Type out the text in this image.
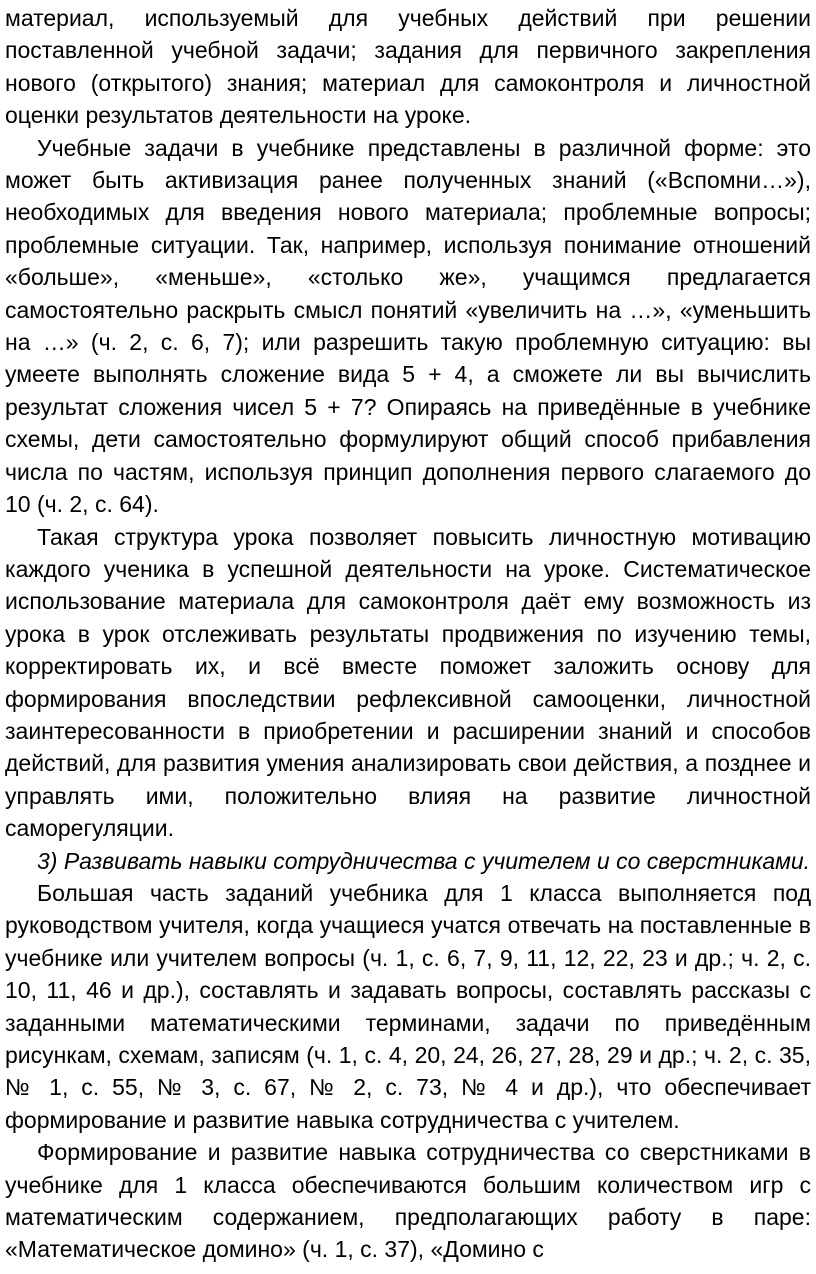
материал, используемый для учебных действий при решении поставленной учебной задачи; задания для первичного закрепления нового (открытого) знания; материал для самоконтроля и личностной оценки результатов деятельности на уроке.

Учебные задачи в учебнике представлены в различной форме: это может быть активизация ранее полученных знаний («Вспомни…»), необходимых для введения нового материала; проблемные вопросы; проблемные ситуации. Так, например, используя понимание отношений «больше», «меньше», «столько же», учащимся предлагается самостоятельно раскрыть смысл понятий «увеличить на …», «уменьшить на …» (ч. 2, с. 6, 7); или разрешить такую проблемную ситуацию: вы умеете выполнять сложение вида 5 + 4, а сможете ли вы вычислить результат сложения чисел 5 + 7? Опираясь на приведённые в учебнике схемы, дети самостоятельно формулируют общий способ прибавления числа по частям, используя принцип дополнения первого слагаемого до 10 (ч. 2, с. 64).

Такая структура урока позволяет повысить личностную мотивацию каждого ученика в успешной деятельности на уроке. Систематическое использование материала для самоконтроля даёт ему возможность из урока в урок отслеживать результаты продвижения по изучению темы, корректировать их, и всё вместе поможет заложить основу для формирования впоследствии рефлексивной самооценки, личностной заинтересованности в приобретении и расширении знаний и способов действий, для развития умения анализировать свои действия, а позднее и управлять ими, положительно влияя на развитие личностной саморегуляции.

3) Развивать навыки сотрудничества с учителем и со сверстниками.

Большая часть заданий учебника для 1 класса выполняется под руководством учителя, когда учащиеся учатся отвечать на поставленные в учебнике или учителем вопросы (ч. 1, с. 6, 7, 9, 11, 12, 22, 23 и др.; ч. 2, с. 10, 11, 46 и др.), составлять и задавать вопросы, составлять рассказы с заданными математическими терминами, задачи по приведённым рисункам, схемам, записям (ч. 1, с. 4, 20, 24, 26, 27, 28, 29 и др.; ч. 2, с. 35, № 1, с. 55, № 3, с. 67, № 2, с. 73, № 4 и др.), что обеспечивает формирование и развитие навыка сотрудничества с учителем.

Формирование и развитие навыка сотрудничества со сверстниками в учебнике для 1 класса обеспечиваются большим количеством игр с математическим содержанием, предполагающих работу в паре: «Математическое домино» (ч. 1, с. 37), «Домино с
